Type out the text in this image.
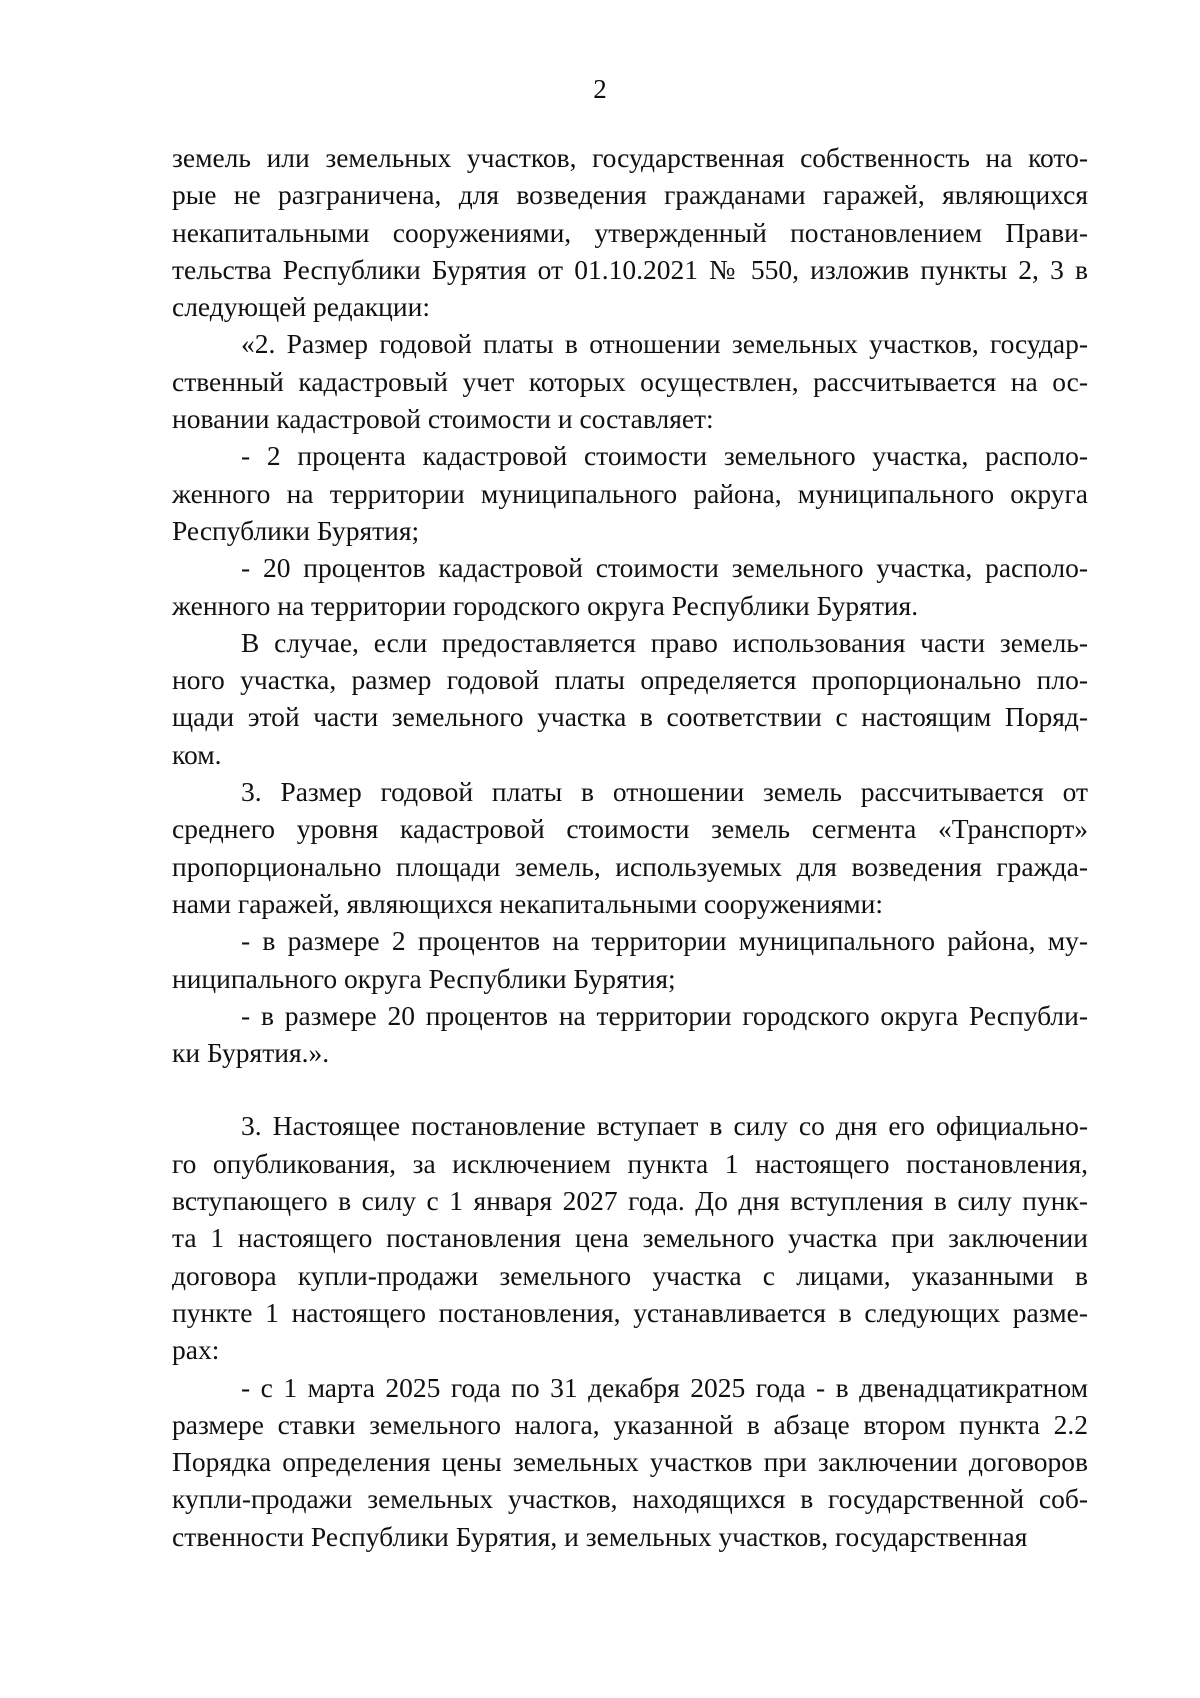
2

земель или земельных участков, государственная собственность на кото-
рые не разграничена, для возведения гражданами гаражей, являющихся
некапитальными сооружениями, утвержденный постановлением Прави-
тельства Республики Бурятия от 01.10.2021 № 550, изложив пункты 2, 3 в
следующей редакции:

«2. Размер годовой платы в отношении земельных участков, государ-
ственный кадастровый учет которых осуществлен, рассчитывается на ос-
новании кадастровой стоимости и составляет:

- 2 процента кадастровой стоимости земельного участка, располо-
женного на территории муниципального района, муниципального округа
Республики Бурятия;

- 20 процентов кадастровой стоимости земельного участка, располо-
женного на территории городского округа Республики Бурятия.

В случае, если предоставляется право использования части земель-
ного участка, размер годовой платы определяется пропорционально пло-
щади этой части земельного участка в соответствии с настоящим Поряд-
ком.

3. Размер годовой платы в отношении земель рассчитывается от
среднего уровня кадастровой стоимости земель сегмента «Транспорт»
пропорционально площади земель, используемых для возведения гражда-
нами гаражей, являющихся некапитальными сооружениями:

- в размере 2 процентов на территории муниципального района, му-
ниципального округа Республики Бурятия;

- в размере 20 процентов на территории городского округа Республи-
ки Бурятия.».

3. Настоящее постановление вступает в силу со дня его официально-
го опубликования, за исключением пункта 1 настоящего постановления,
вступающего в силу с 1 января 2027 года. До дня вступления в силу пунк-
та 1 настоящего постановления цена земельного участка при заключении
договора купли-продажи земельного участка с лицами, указанными в
пункте 1 настоящего постановления, устанавливается в следующих разме-
рах:

- с 1 марта 2025 года по 31 декабря 2025 года - в двенадцатикратном
размере ставки земельного налога, указанной в абзаце втором пункта 2.2
Порядка определения цены земельных участков при заключении договоров
купли-продажи земельных участков, находящихся в государственной соб-
ственности Республики Бурятия, и земельных участков, государственная
